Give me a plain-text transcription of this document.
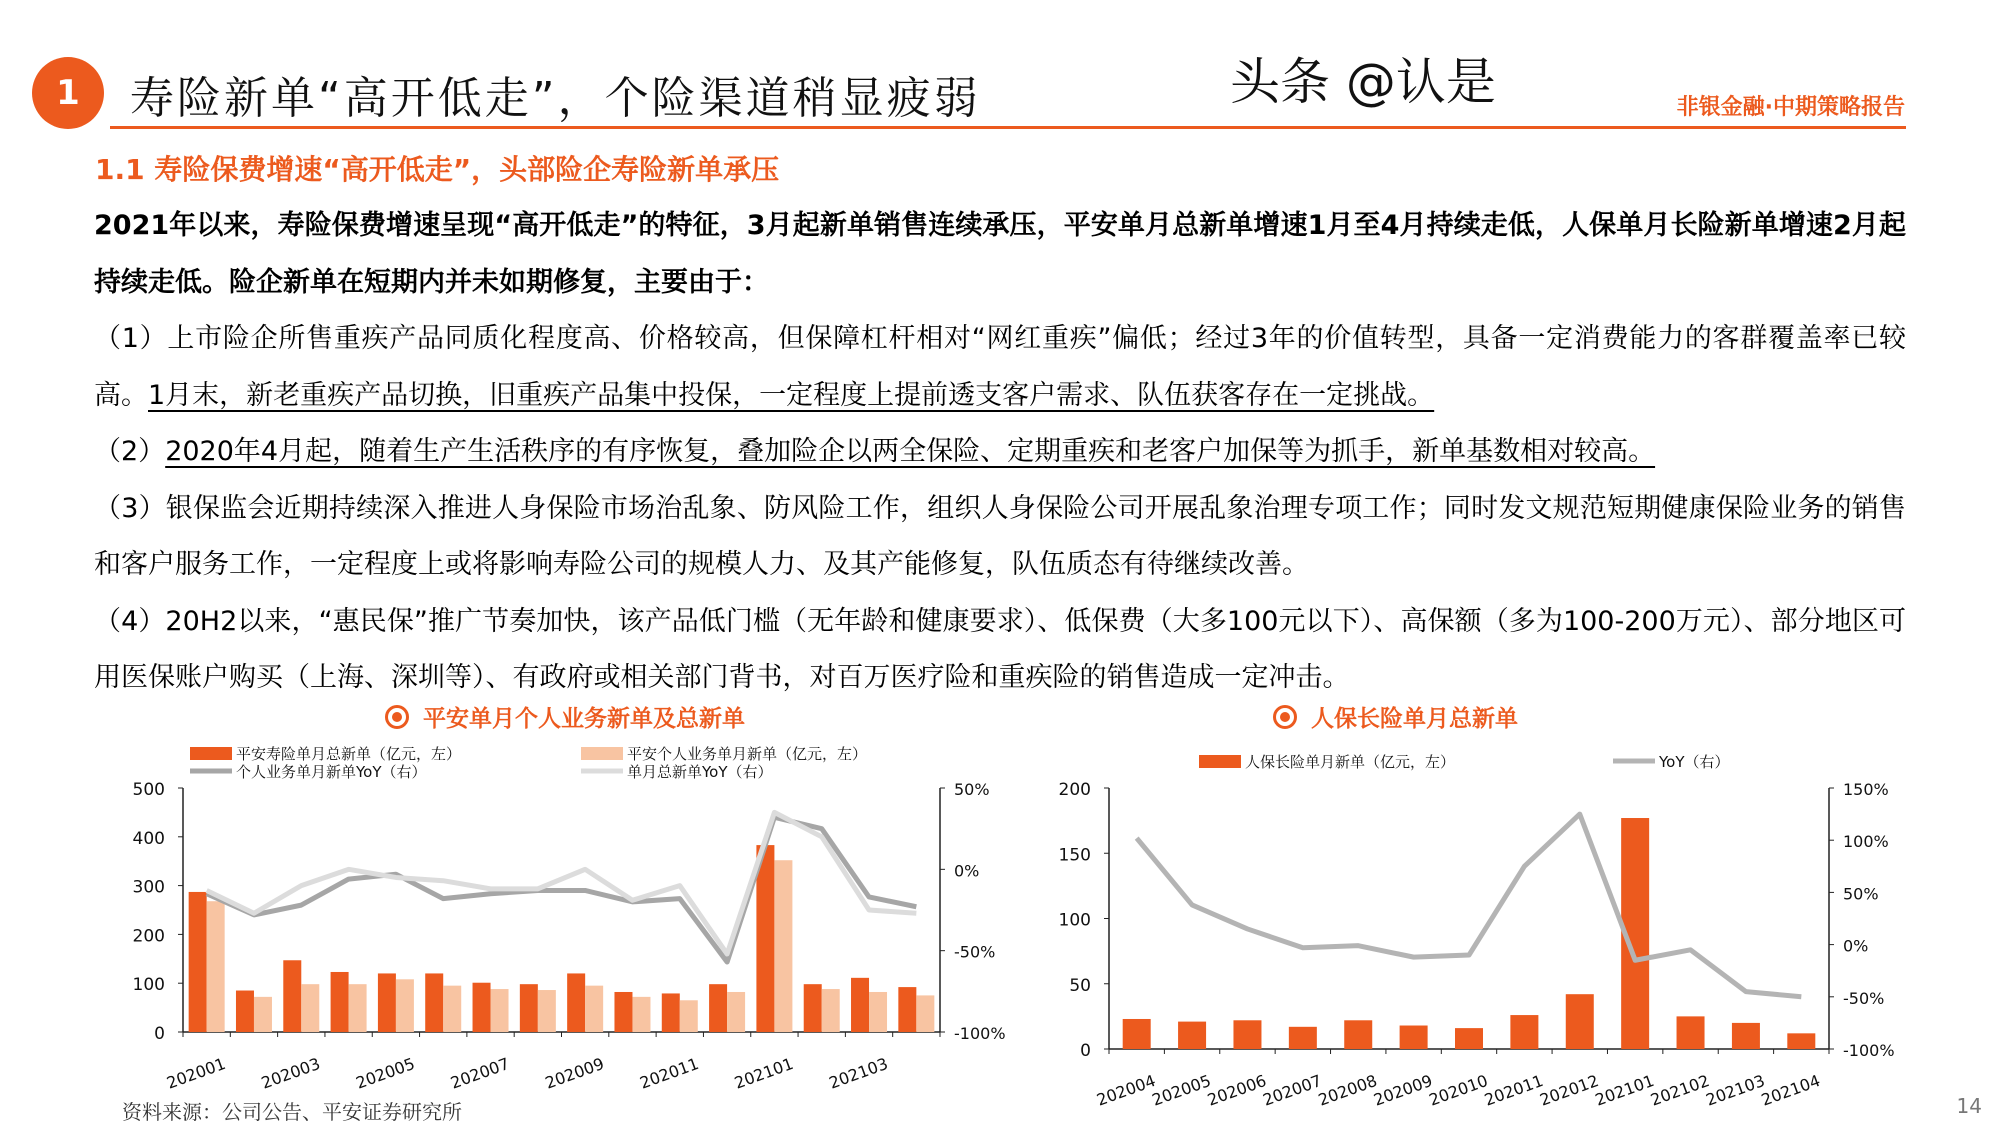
1 寿险新单“高开低走”，个险渠道稍显疲弱	非银金融·中期策略报告
1.1 寿险保费增速“高开低走”，头部险企寿险新单承压

2021年以来，寿险保费增速呈现“高开低走”的特征，3月起新单销售连续承压，平安单月总新单增速1月至4月持续走低，人保单月长险新单增速2月起持续走低。险企新单在短期内并未如期修复，主要由于：

（1）上市险企所售重疾产品同质化程度高、价格较高，但保障杠杆相对“网红重疾”偏低；经过3年的价值转型，具备一定消费能力的客群覆盖率已较高。1月末，新老重疾产品切换，旧重疾产品集中投保，一定程度上提前透支客户需求、队伍获客存在一定挑战。

（2）2020年4月起，随着生产生活秩序的有序恢复，叠加险企以两全保险、定期重疾和老客户加保等为抓手，新单基数相对较高。

（3）银保监会近期持续深入推进人身保险市场治乱象、防风险工作，组织人身保险公司开展乱象治理专项工作；同时发文规范短期健康保险业务的销售和客户服务工作，一定程度上或将影响寿险公司的规模人力、及其产能修复，队伍质态有待继续改善。

（4）20H2以来，“惠民保”推广节奏加快，该产品低门槛（无年龄和健康要求）、低保费（大多100元以下）、高保额（多为100-200万元）、部分地区可用医保账户购买（上海、深圳等）、有政府或相关部门背书，对百万医疗险和重疾险的销售造成一定冲击。

平安单月个人业务新单及总新单	人保长险单月总新单
0
100
200
300
400
500
-100%
-50%
0%
50%
202001 202003 202005 202007 202009 202011 202101 202103
平安寿险单月总新单（亿元，左）	平安个人业务单月新单（亿元，左）
个人业务单月新单YoY（右）	单月总新单YoY（右）
0
50
100
150
200
-100%
-50%
0%
50%
100%
150%
202004
202005
202006
202007
202008
202009
202010
202011
202012
202101
202102
202103
202104
人保长险单月新单（亿元，左）	YoY（右）
资料来源：公司公告、平安证券研究所	14
头条 @认是
